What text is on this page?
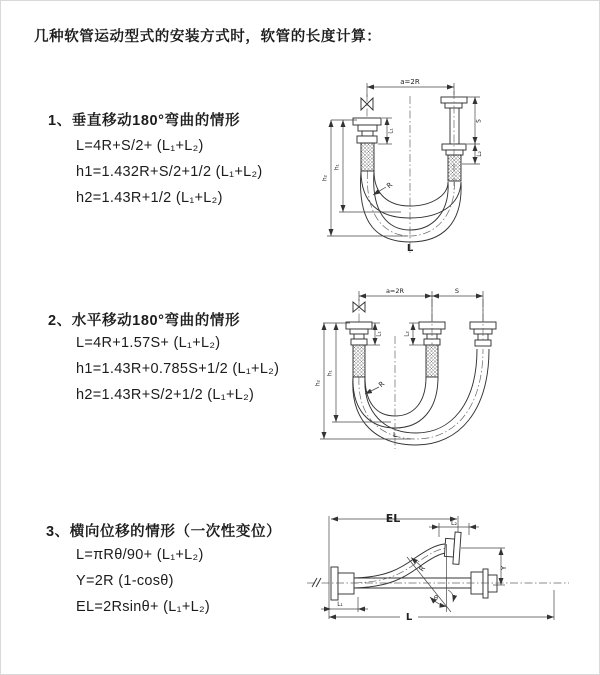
几种软管运动型式的安装方式时，软管的长度计算：
1、垂直移动180°弯曲的情形
L=4R+S/2+ (L₁+L₂)
h1=1.432R+S/2+1/2 (L₁+L₂)
h2=1.43R+1/2 (L₁+L₂)
2、水平移动180°弯曲的情形
L=4R+1.57S+ (L₁+L₂)
h1=1.43R+0.785S+1/2 (L₁+L₂)
h2=1.43R+S/2+1/2 (L₁+L₂)
3、横向位移的情形（一次性变位）
L=πRθ/90+ (L₁+L₂)
Y=2R (1-cosθ)
EL=2Rsinθ+ (L₁+L₂)
a=2R
S
L₁
L₂
h₁
h₂
R
L
a=2R	S
L₁	L₂
h₁
h₂	R
L
EL	L₂
Y
R
θ
L₁
L
